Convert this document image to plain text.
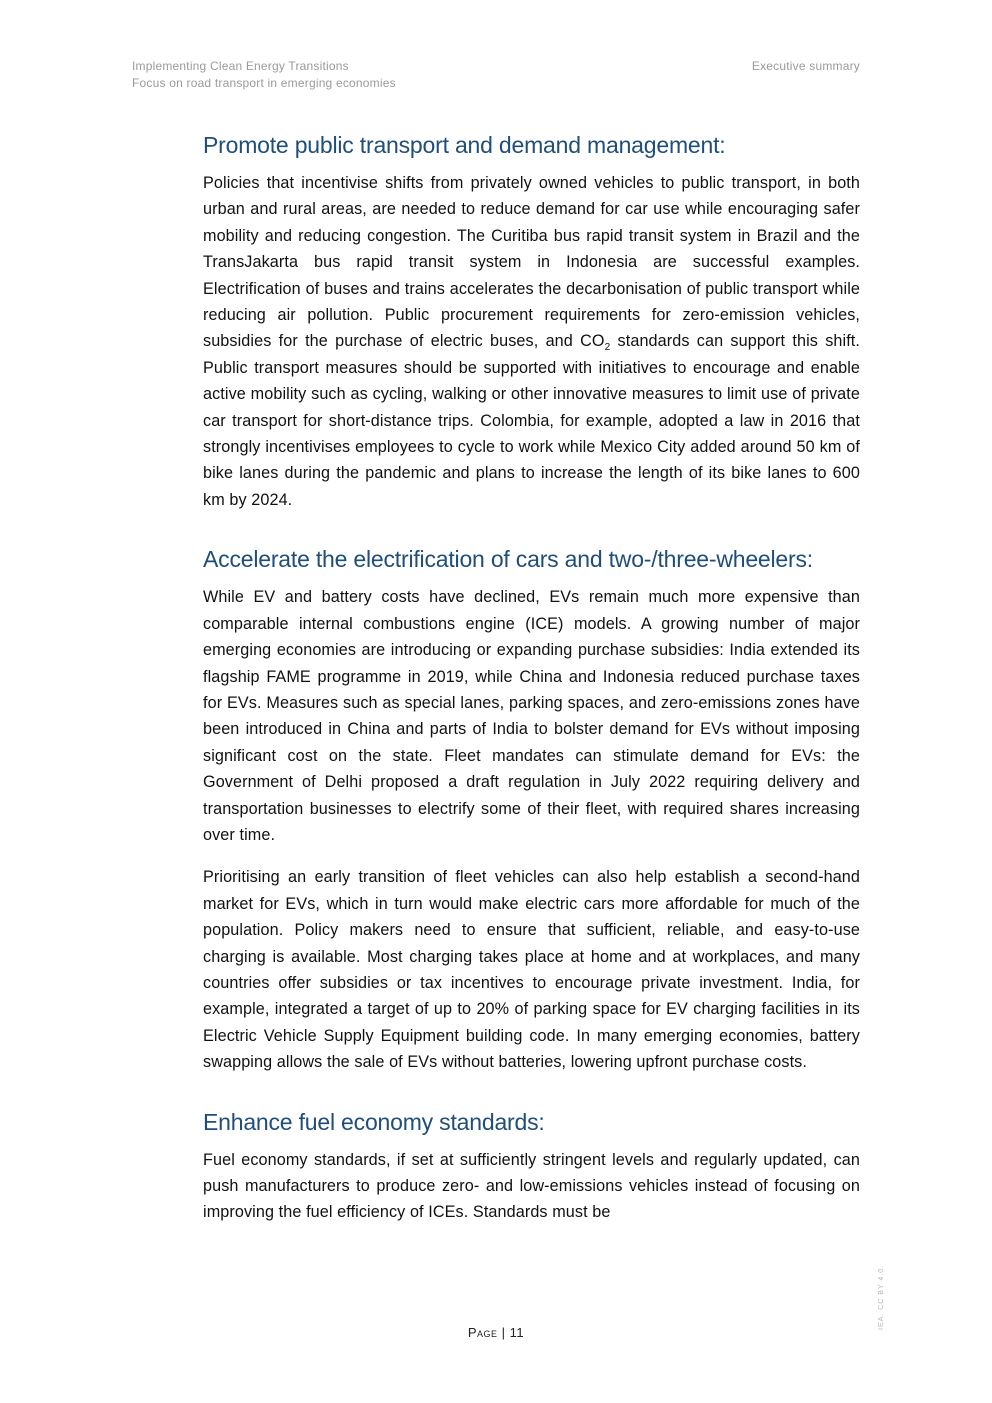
Implementing Clean Energy Transitions
Focus on road transport in emerging economies
Executive summary
Promote public transport and demand management:

Policies that incentivise shifts from privately owned vehicles to public transport, in both urban and rural areas, are needed to reduce demand for car use while encouraging safer mobility and reducing congestion. The Curitiba bus rapid transit system in Brazil and the TransJakarta bus rapid transit system in Indonesia are successful examples. Electrification of buses and trains accelerates the decarbonisation of public transport while reducing air pollution. Public procurement requirements for zero-emission vehicles, subsidies for the purchase of electric buses, and $CO_2$ standards can support this shift. Public transport measures should be supported with initiatives to encourage and enable active mobility such as cycling, walking or other innovative measures to limit use of private car transport for short-distance trips. Colombia, for example, adopted a law in 2016 that strongly incentivises employees to cycle to work while Mexico City added around 50 km of bike lanes during the pandemic and plans to increase the length of its bike lanes to 600 km by 2024.

Accelerate the electrification of cars and two-/three-wheelers:

While EV and battery costs have declined, EVs remain much more expensive than comparable internal combustions engine (ICE) models. A growing number of major emerging economies are introducing or expanding purchase subsidies: India extended its flagship FAME programme in 2019, while China and Indonesia reduced purchase taxes for EVs. Measures such as special lanes, parking spaces, and zero-emissions zones have been introduced in China and parts of India to bolster demand for EVs without imposing significant cost on the state. Fleet mandates can stimulate demand for EVs: the Government of Delhi proposed a draft regulation in July 2022 requiring delivery and transportation businesses to electrify some of their fleet, with required shares increasing over time.

Prioritising an early transition of fleet vehicles can also help establish a second-hand market for EVs, which in turn would make electric cars more affordable for much of the population. Policy makers need to ensure that sufficient, reliable, and easy-to-use charging is available. Most charging takes place at home and at workplaces, and many countries offer subsidies or tax incentives to encourage private investment. India, for example, integrated a target of up to 20% of parking space for EV charging facilities in its Electric Vehicle Supply Equipment building code. In many emerging economies, battery swapping allows the sale of EVs without batteries, lowering upfront purchase costs.

Enhance fuel economy standards:

Fuel economy standards, if set at sufficiently stringent levels and regularly updated, can push manufacturers to produce zero- and low-emissions vehicles instead of focusing on improving the fuel efficiency of ICEs. Standards must be

Page | 11
IEA. CC BY 4.0.
